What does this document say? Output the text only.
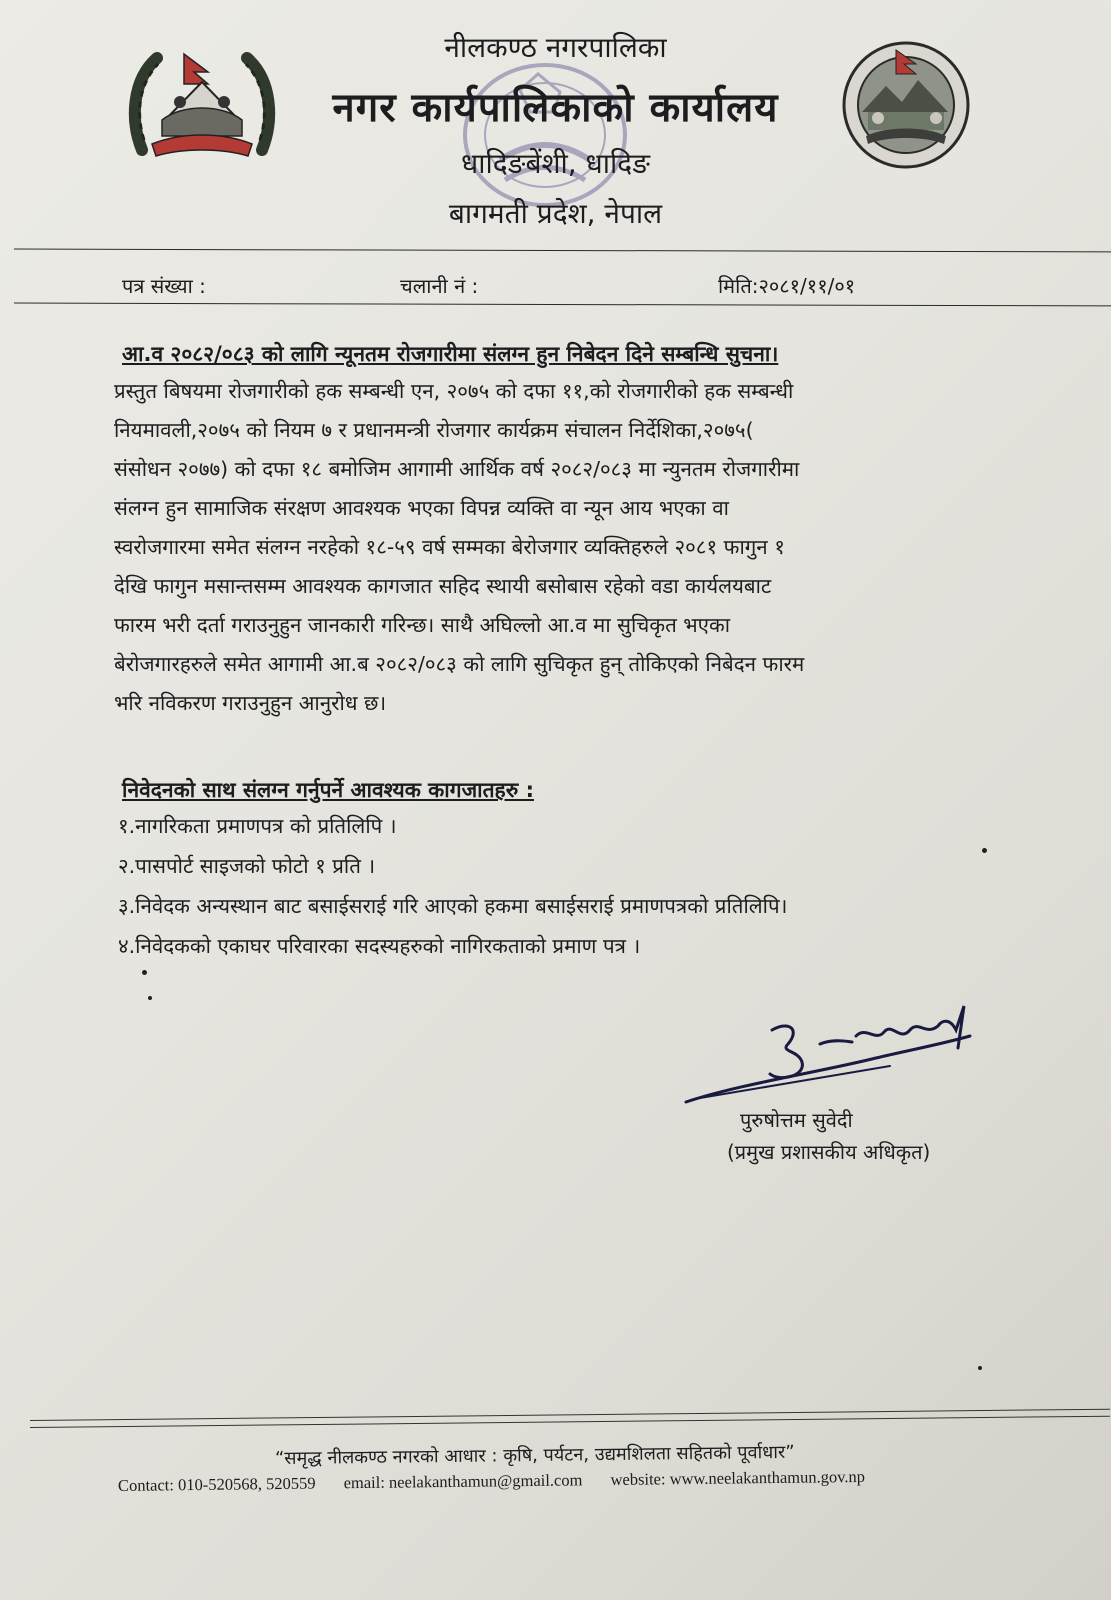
नीलकण्ठ नगरपालिका
नगर कार्यपालिकाको कार्यालय
धादिङबेंशी, धादिङ
बागमती प्रदेश, नेपाल
पत्र संख्या :	चलानी नं :	मिति:२०८१/११/०१
आ.व २०८२/०८३ को लागि न्यूनतम रोजगारीमा संलग्न हुन निबेदन दिने सम्बन्धि सुचना।
प्रस्तुत बिषयमा रोजगारीको हक सम्बन्धी एन, २०७५ को दफा ११,को रोजगारीको हक सम्बन्धी
नियमावली,२०७५ को नियम ७ र प्रधानमन्त्री रोजगार कार्यक्रम संचालन निर्देशिका,२०७५(
संसोधन २०७७) को दफा १८ बमोजिम आगामी आर्थिक वर्ष २०८२/०८३ मा न्युनतम रोजगारीमा
संलग्न हुन सामाजिक संरक्षण आवश्यक भएका विपन्न व्यक्ति वा न्यून आय भएका वा
स्वरोजगारमा समेत संलग्न नरहेको १८-५९ वर्ष सम्मका बेरोजगार व्यक्तिहरुले २०८१ फागुन १
देखि फागुन मसान्तसम्म आवश्यक कागजात सहिद स्थायी बसोबास रहेको वडा कार्यलयबाट
फारम भरी दर्ता गराउनुहुन जानकारी गरिन्छ। साथै अघिल्लो आ.व मा सुचिकृत भएका
बेरोजगारहरुले समेत आगामी आ.ब २०८२/०८३ को लागि सुचिकृत हुन् तोकिएको निबेदन फारम
भरि नविकरण गराउनुहुन आनुरोध छ।
निवेदनको साथ संलग्न गर्नुपर्ने आवश्यक कागजातहरु :
१.नागरिकता प्रमाणपत्र को प्रतिलिपि ।
२.पासपोर्ट साइजको फोटो १ प्रति ।
३.निवेदक अन्यस्थान बाट बसाईसराई गरि आएको हकमा बसाईसराई प्रमाणपत्रको प्रतिलिपि।
४.निवेदकको एकाघर परिवारका सदस्यहरुको नागिरकताको प्रमाण पत्र ।
पुरुषोत्तम सुवेदी
(प्रमुख प्रशासकीय अधिकृत)
“समृद्ध नीलकण्ठ नगरको आधार : कृषि, पर्यटन, उद्यमशिलता सहितको पूर्वाधार”
Contact: 010-520568, 520559 email: neelakanthamun@gmail.com website: www.neelakanthamun.gov.np
